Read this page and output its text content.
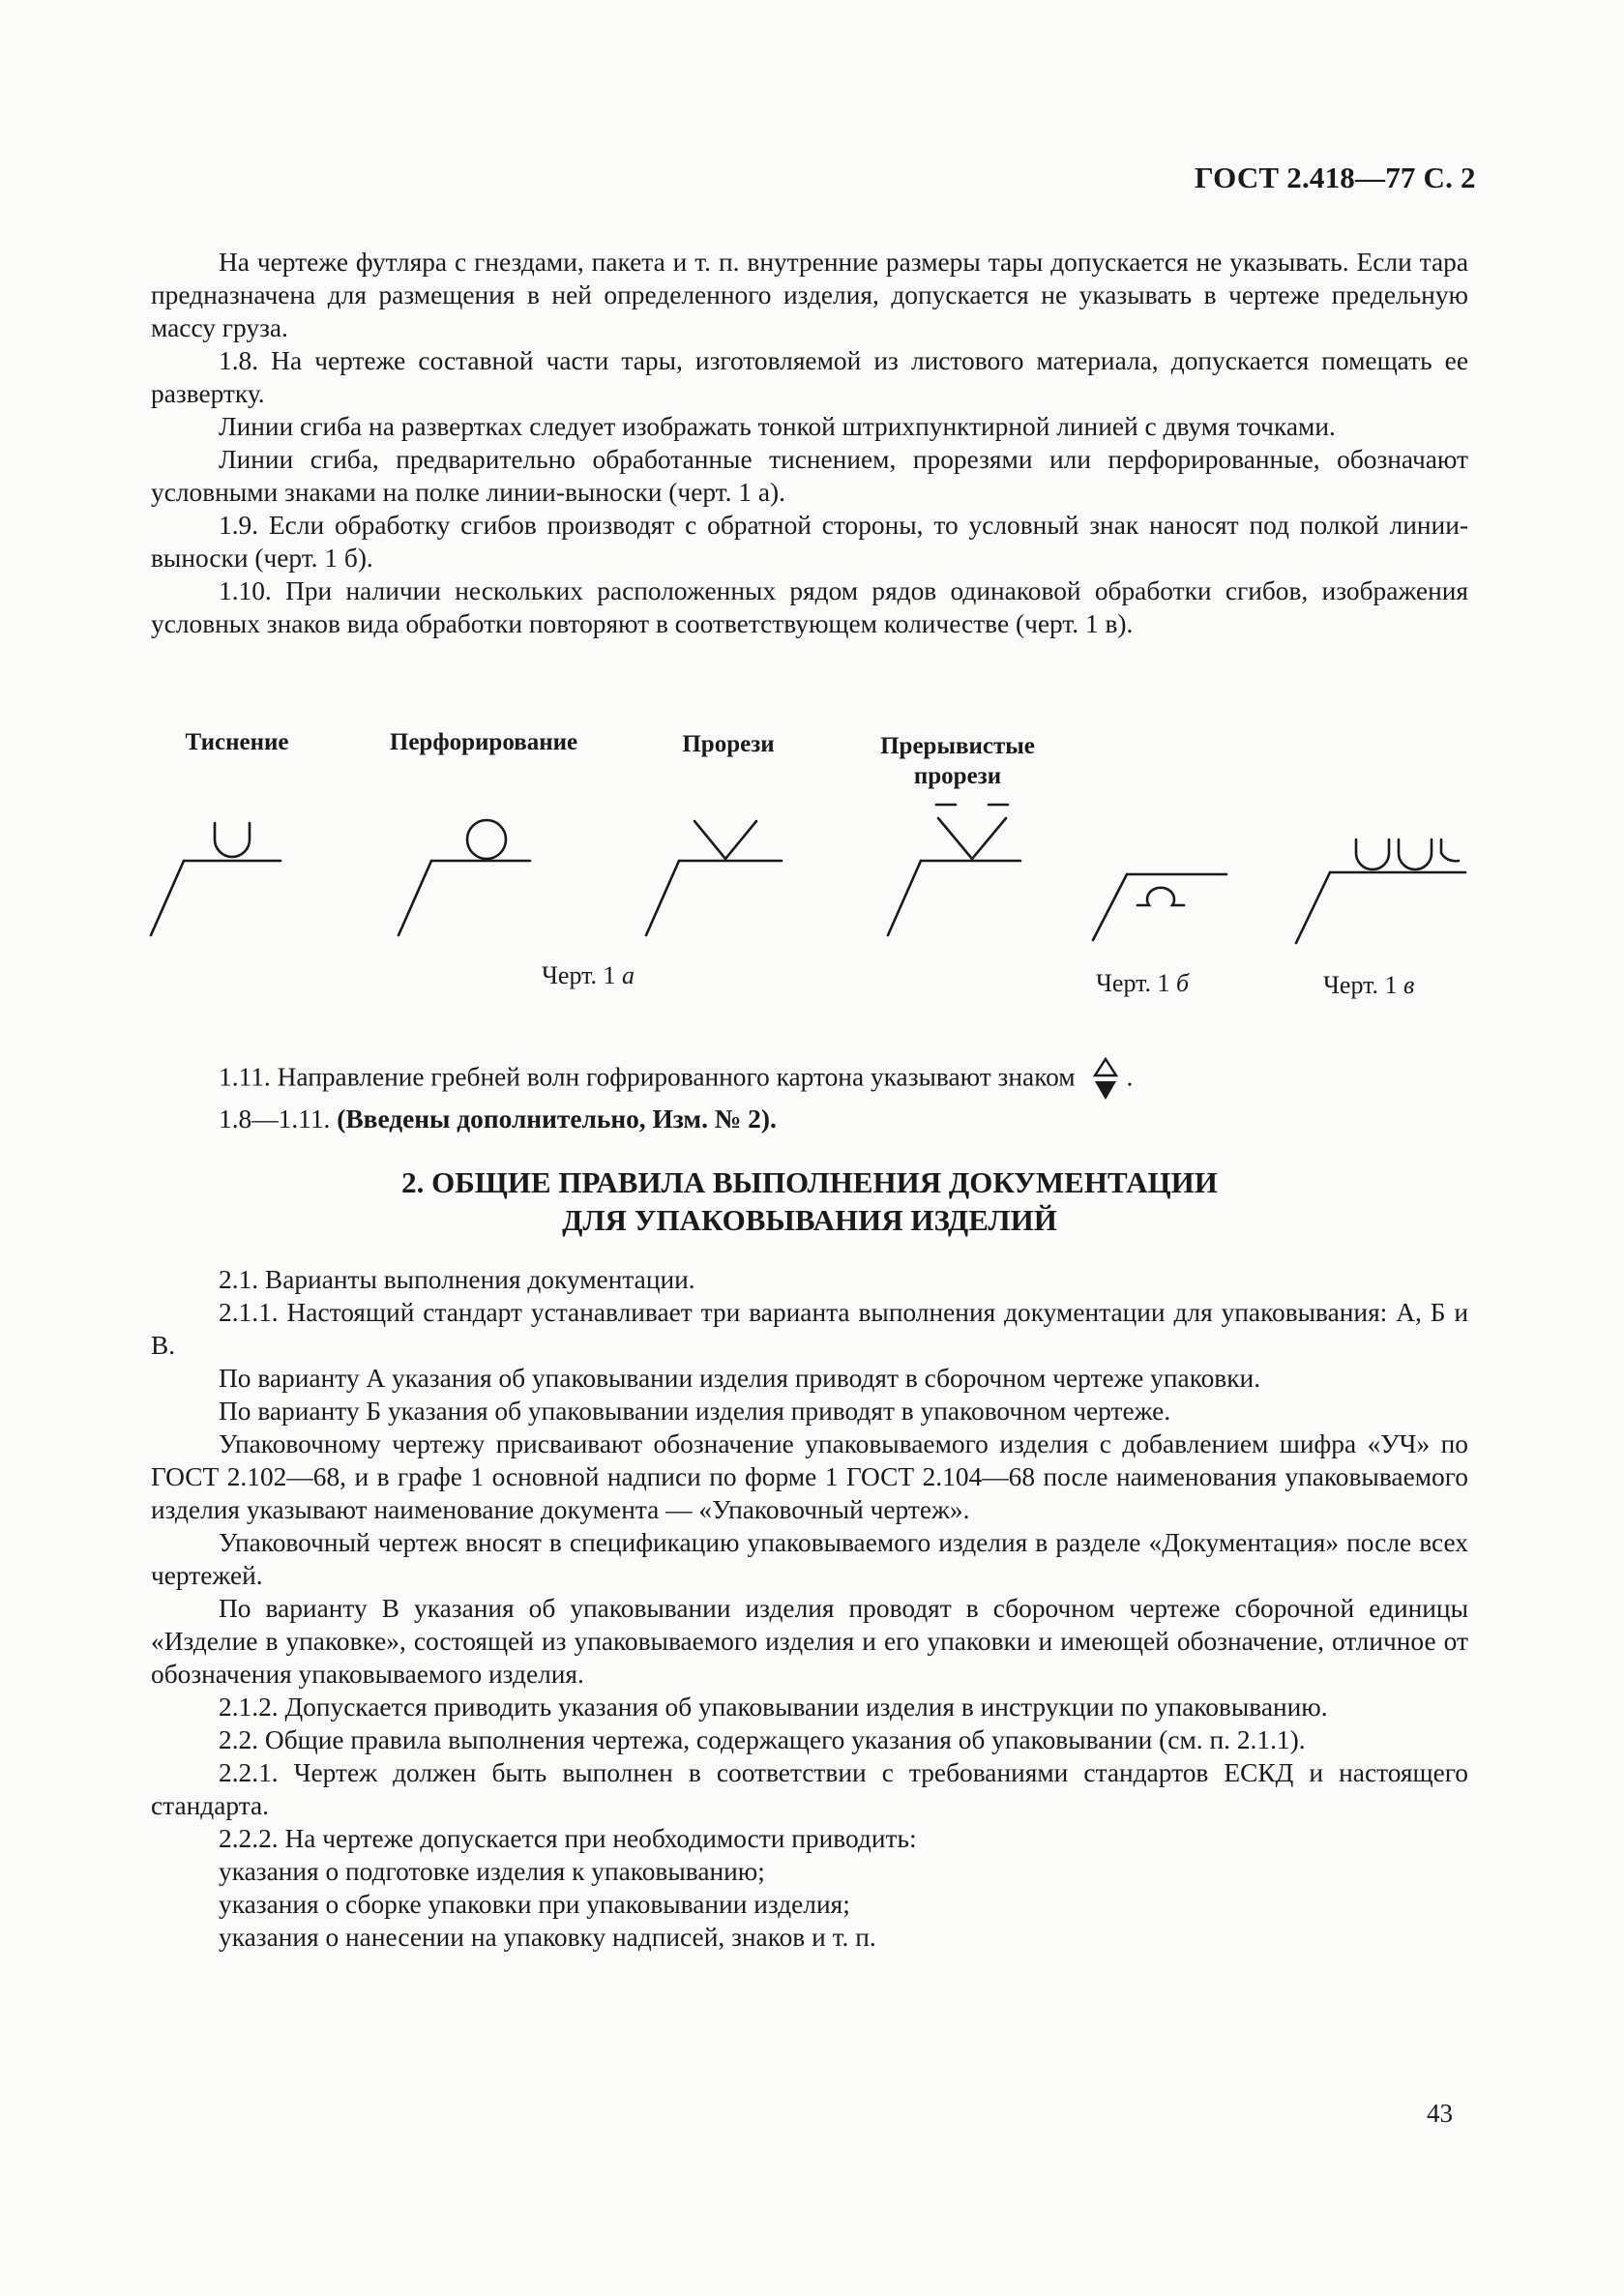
ГОСТ 2.418—77 С. 2

На чертеже футляра с гнездами, пакета и т. п. внутренние размеры тары допускается не указывать. Если тара предназначена для размещения в ней определенного изделия, допускается не указывать в чертеже предельную массу груза.

1.8. На чертеже составной части тары, изготовляемой из листового материала, допускается помещать ее развертку.

Линии сгиба на развертках следует изображать тонкой штрихпунктирной линией с двумя точками.

Линии сгиба, предварительно обработанные тиснением, прорезями или перфорированные, обозначают условными знаками на полке линии-выноски (черт. 1 а).

1.9. Если обработку сгибов производят с обратной стороны, то условный знак наносят под полкой линии-выноски (черт. 1 б).

1.10. При наличии нескольких расположенных рядом рядов одинаковой обработки сгибов, изображения условных знаков вида обработки повторяют в соответствующем количестве (черт. 1 в).

Тиснение	Перфорирование	Прорези	Прерывистые прорези
Черт. 1 а	Черт. 1 б	Черт. 1 в

1.11. Направление гребней волн гофрированного картона указывают знаком .

1.8—1.11. (Введены дополнительно, Изм. № 2).

2. ОБЩИЕ ПРАВИЛА ВЫПОЛНЕНИЯ ДОКУМЕНТАЦИИ
ДЛЯ УПАКОВЫВАНИЯ ИЗДЕЛИЙ

2.1. Варианты выполнения документации.

2.1.1. Настоящий стандарт устанавливает три варианта выполнения документации для упаковывания: А, Б и В.

По варианту А указания об упаковывании изделия приводят в сборочном чертеже упаковки.

По варианту Б указания об упаковывании изделия приводят в упаковочном чертеже.

Упаковочному чертежу присваивают обозначение упаковываемого изделия с добавлением шифра «УЧ» по ГОСТ 2.102—68, и в графе 1 основной надписи по форме 1 ГОСТ 2.104—68 после наименования упаковываемого изделия указывают наименование документа — «Упаковочный чертеж».

Упаковочный чертеж вносят в спецификацию упаковываемого изделия в разделе «Документация» после всех чертежей.

По варианту В указания об упаковывании изделия проводят в сборочном чертеже сборочной единицы «Изделие в упаковке», состоящей из упаковываемого изделия и его упаковки и имеющей обозначение, отличное от обозначения упаковываемого изделия.

2.1.2. Допускается приводить указания об упаковывании изделия в инструкции по упаковыванию.

2.2. Общие правила выполнения чертежа, содержащего указания об упаковывании (см. п. 2.1.1).

2.2.1. Чертеж должен быть выполнен в соответствии с требованиями стандартов ЕСКД и настоящего стандарта.

2.2.2. На чертеже допускается при необходимости приводить:

указания о подготовке изделия к упаковыванию;

указания о сборке упаковки при упаковывании изделия;

указания о нанесении на упаковку надписей, знаков и т. п.

43
